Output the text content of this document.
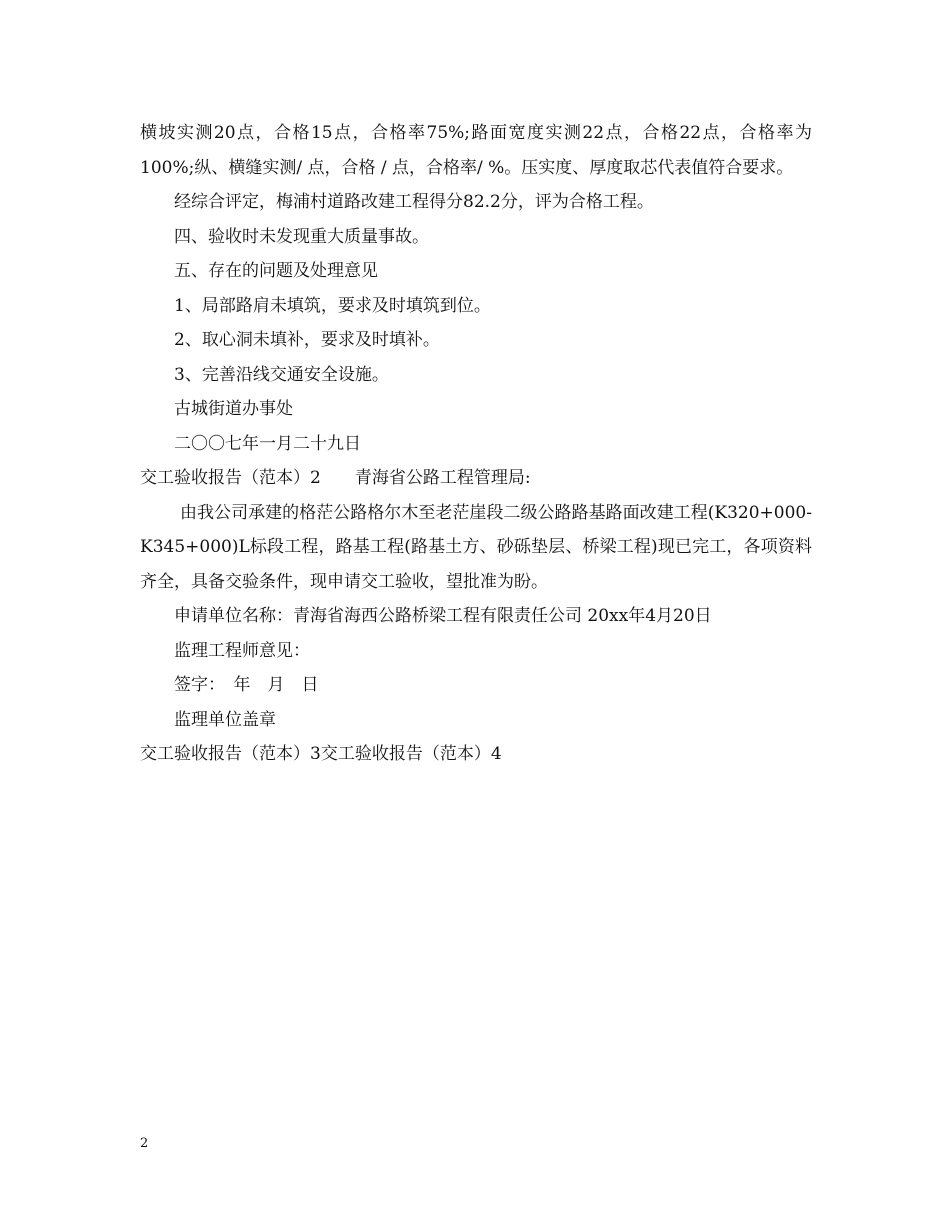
横坡实测20点，合格15点，合格率75%;路面宽度实测22点，合格22点，合格率为100%;纵、横缝实测/ 点，合格 / 点，合格率/ %。压实度、厚度取芯代表值符合要求。

经综合评定，梅浦村道路改建工程得分82.2分，评为合格工程。

四、验收时未发现重大质量事故。

五、存在的问题及处理意见

1、局部路肩未填筑，要求及时填筑到位。

2、取心洞未填补，要求及时填补。

3、完善沿线交通安全设施。

古城街道办事处

二〇〇七年一月二十九日

交工验收报告（范本）2　　青海省公路工程管理局:

由我公司承建的格茫公路格尔木至老茫崖段二级公路路基路面改建工程(K320+000-K345+000)L标段工程，路基工程(路基土方、砂砾垫层、桥梁工程)现已完工，各项资料齐全，具备交验条件，现申请交工验收，望批准为盼。

申请单位名称：青海省海西公路桥梁工程有限责任公司 20xx年4月20日

监理工程师意见：

签字：　年　月　日

监理单位盖章

交工验收报告（范本）3交工验收报告（范本）4

2
